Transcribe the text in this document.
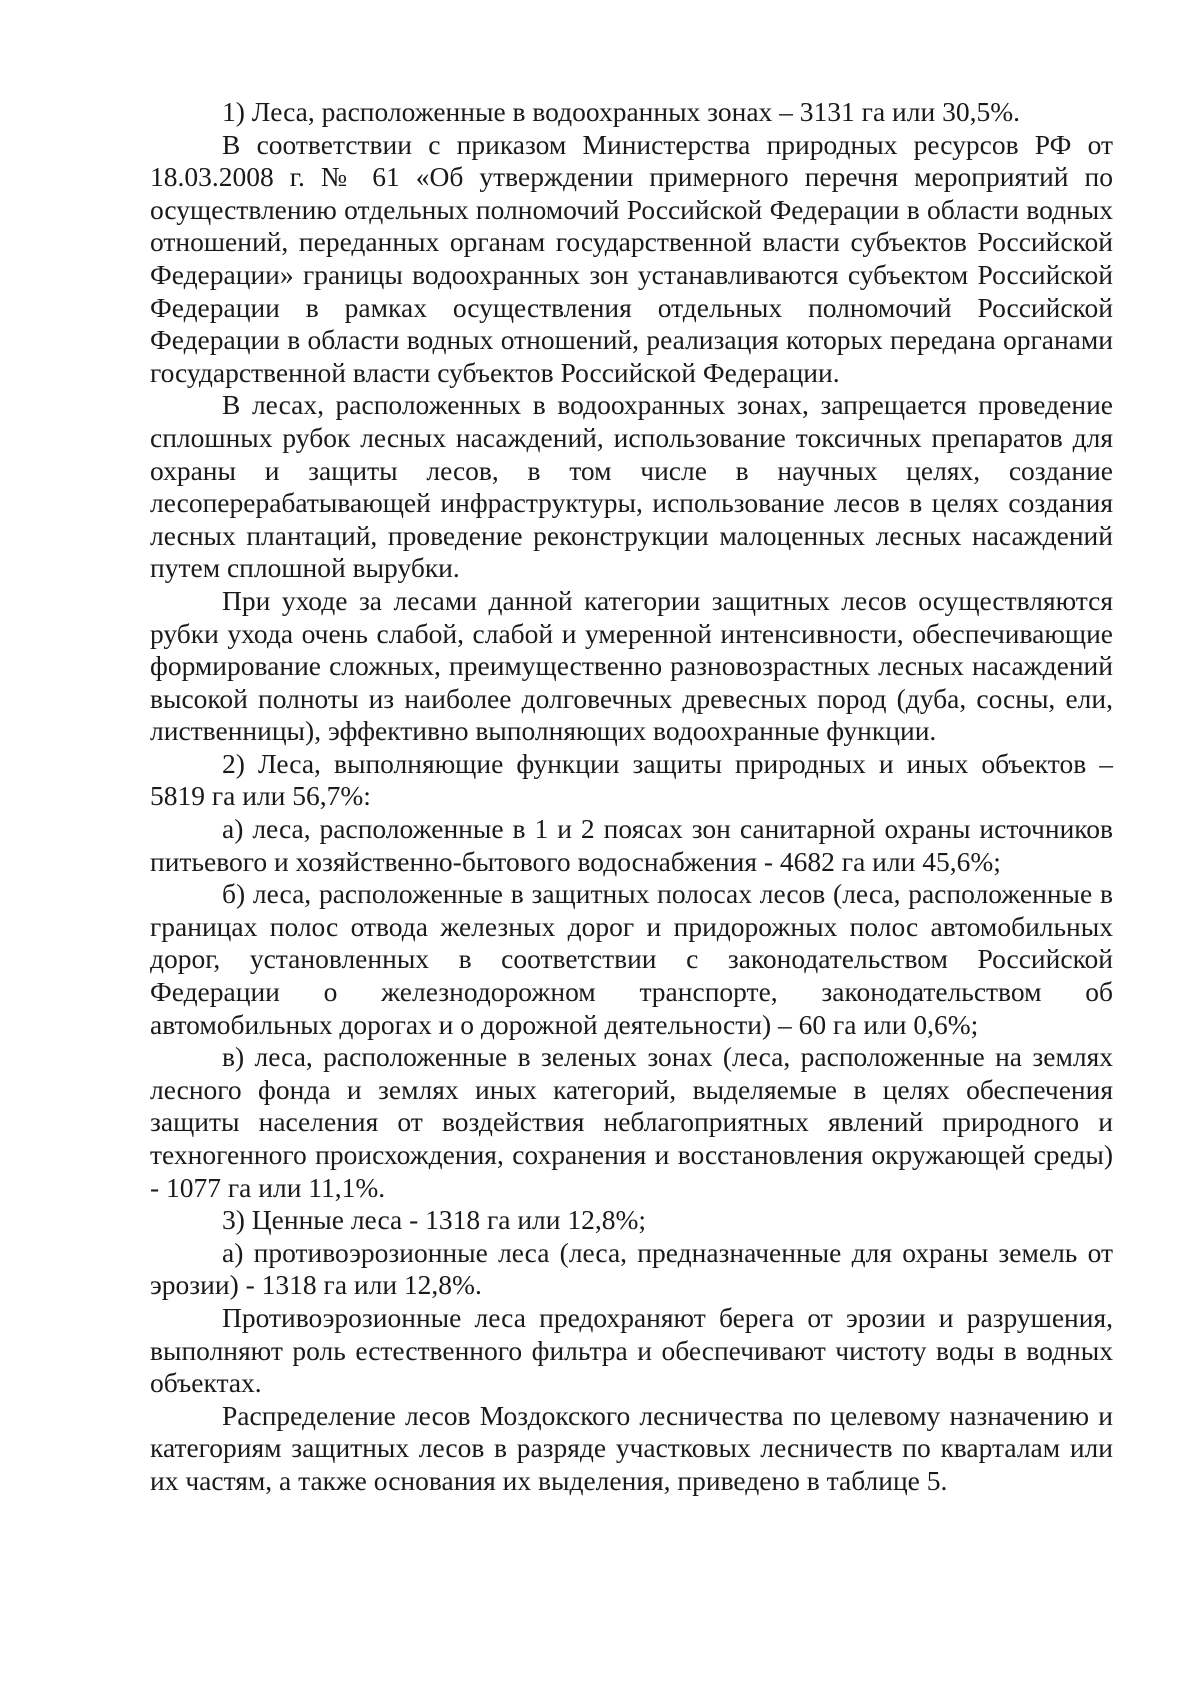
1) Леса, расположенные в водоохранных зонах – 3131 га или 30,5%.

В соответствии с приказом Министерства природных ресурсов РФ от 18.03.2008 г. № 61 «Об утверждении примерного перечня мероприятий по осуществлению отдельных полномочий Российской Федерации в области водных отношений, переданных органам государственной власти субъектов Российской Федерации» границы водоохранных зон устанавливаются субъектом Российской Федерации в рамках осуществления отдельных полномочий Российской Федерации в области водных отношений, реализация которых передана органами государственной власти субъектов Российской Федерации.

В лесах, расположенных в водоохранных зонах, запрещается проведение сплошных рубок лесных насаждений, использование токсичных препаратов для охраны и защиты лесов, в том числе в научных целях, создание лесоперерабатывающей инфраструктуры, использование лесов в целях создания лесных плантаций, проведение реконструкции малоценных лесных насаждений путем сплошной вырубки.

При уходе за лесами данной категории защитных лесов осуществляются рубки ухода очень слабой, слабой и умеренной интенсивности, обеспечивающие формирование сложных, преимущественно разновозрастных лесных насаждений высокой полноты из наиболее долговечных древесных пород (дуба, сосны, ели, лиственницы), эффективно выполняющих водоохранные функции.

2) Леса, выполняющие функции защиты природных и иных объектов – 5819 га или 56,7%:

а) леса, расположенные в 1 и 2 поясах зон санитарной охраны источников питьевого и хозяйственно-бытового водоснабжения - 4682 га или 45,6%;

б) леса, расположенные в защитных полосах лесов (леса, расположенные в границах полос отвода железных дорог и придорожных полос автомобильных дорог, установленных в соответствии с законодательством Российской Федерации о железнодорожном транспорте, законодательством об автомобильных дорогах и о дорожной деятельности) – 60 га или 0,6%;

в) леса, расположенные в зеленых зонах (леса, расположенные на землях лесного фонда и землях иных категорий, выделяемые в целях обеспечения защиты населения от воздействия неблагоприятных явлений природного и техногенного происхождения, сохранения и восстановления окружающей среды) - 1077 га или 11,1%.

3) Ценные леса - 1318 га или 12,8%;

а) противоэрозионные леса (леса, предназначенные для охраны земель от эрозии) - 1318 га или 12,8%.

Противоэрозионные леса предохраняют берега от эрозии и разрушения, выполняют роль естественного фильтра и обеспечивают чистоту воды в водных объектах.

Распределение лесов Моздокского лесничества по целевому назначению и категориям защитных лесов в разряде участковых лесничеств по кварталам или их частям, а также основания их выделения, приведено в таблице 5.
